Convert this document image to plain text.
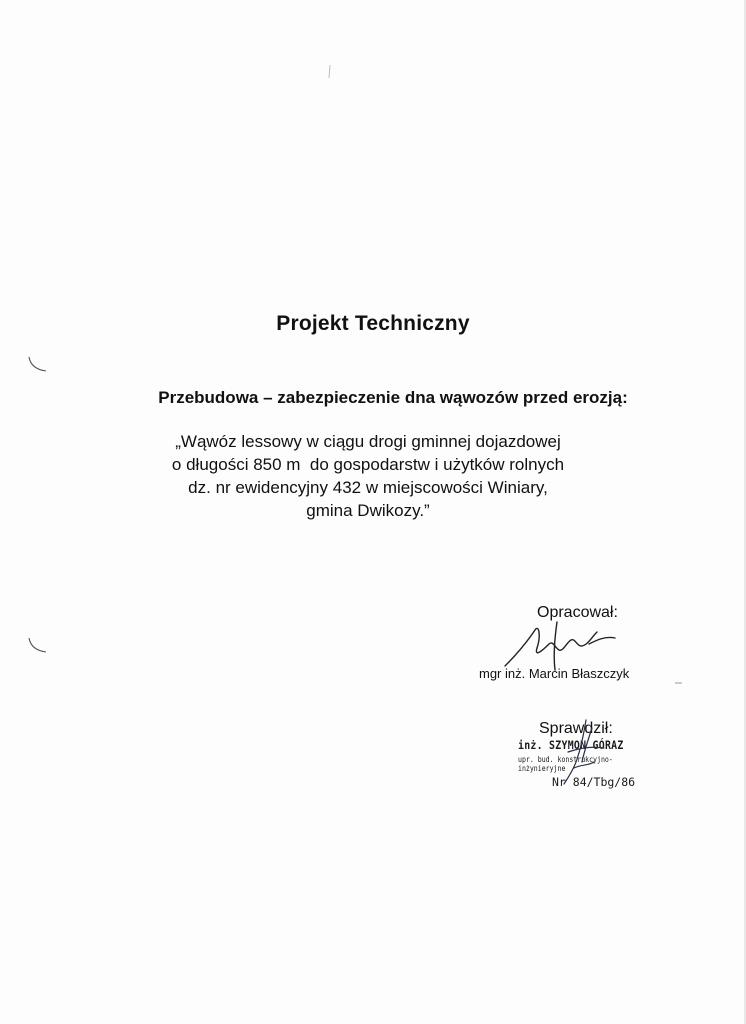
Projekt Techniczny
Przebudowa – zabezpieczenie dna wąwozów przed erozją:
„Wąwóz lessowy w ciągu drogi gminnej dojazdowej
o długości 850 m  do gospodarstw i użytków rolnych
dz. nr ewidencyjny 432 w miejscowości Winiary,
gmina Dwikozy.”
Opracował:
mgr inż. Marcin Błaszczyk
Sprawdził:
inż. SZYMON GÓRAZ
upr. bud. konstrukcyjno-inżynieryjne
Nr 84/Tbg/86
